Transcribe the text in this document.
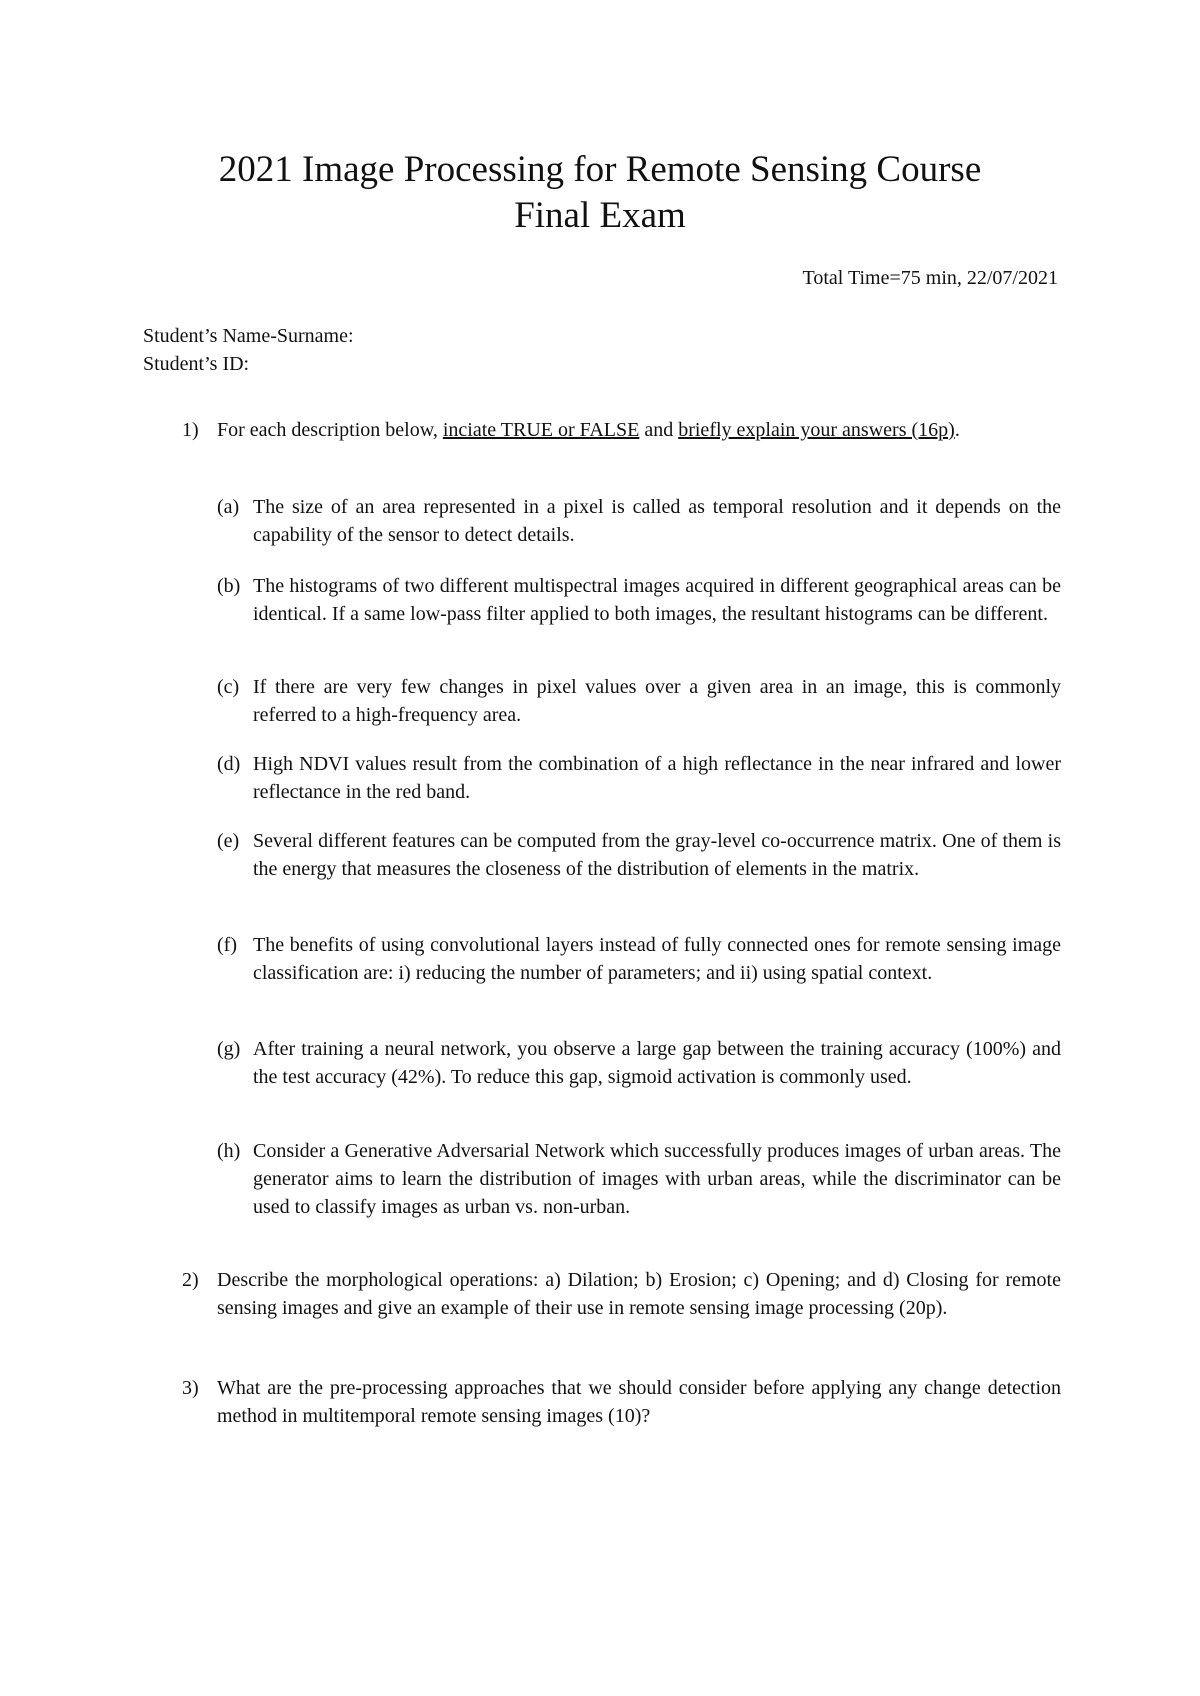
2021 Image Processing for Remote Sensing Course
Final Exam
Total Time=75 min, 22/07/2021
Student’s Name-Surname:
Student’s ID:
1) For each description below, inciate TRUE or FALSE and briefly explain your answers (16p).
(a) The size of an area represented in a pixel is called as temporal resolution and it depends on the capability of the sensor to detect details.
(b) The histograms of two different multispectral images acquired in different geographical areas can be identical. If a same low-pass filter applied to both images, the resultant histograms can be different.
(c) If there are very few changes in pixel values over a given area in an image, this is commonly referred to a high-frequency area.
(d) High NDVI values result from the combination of a high reflectance in the near infrared and lower reflectance in the red band.
(e) Several different features can be computed from the gray-level co-occurrence matrix. One of them is the energy that measures the closeness of the distribution of elements in the matrix.
(f) The benefits of using convolutional layers instead of fully connected ones for remote sensing image classification are: i) reducing the number of parameters; and ii) using spatial context.
(g) After training a neural network, you observe a large gap between the training accuracy (100%) and the test accuracy (42%). To reduce this gap, sigmoid activation is commonly used.
(h) Consider a Generative Adversarial Network which successfully produces images of urban areas. The generator aims to learn the distribution of images with urban areas, while the discriminator can be used to classify images as urban vs. non-urban.
2) Describe the morphological operations: a) Dilation; b) Erosion; c) Opening; and d) Closing for remote sensing images and give an example of their use in remote sensing image processing (20p).
3) What are the pre-processing approaches that we should consider before applying any change detection method in multitemporal remote sensing images (10)?
